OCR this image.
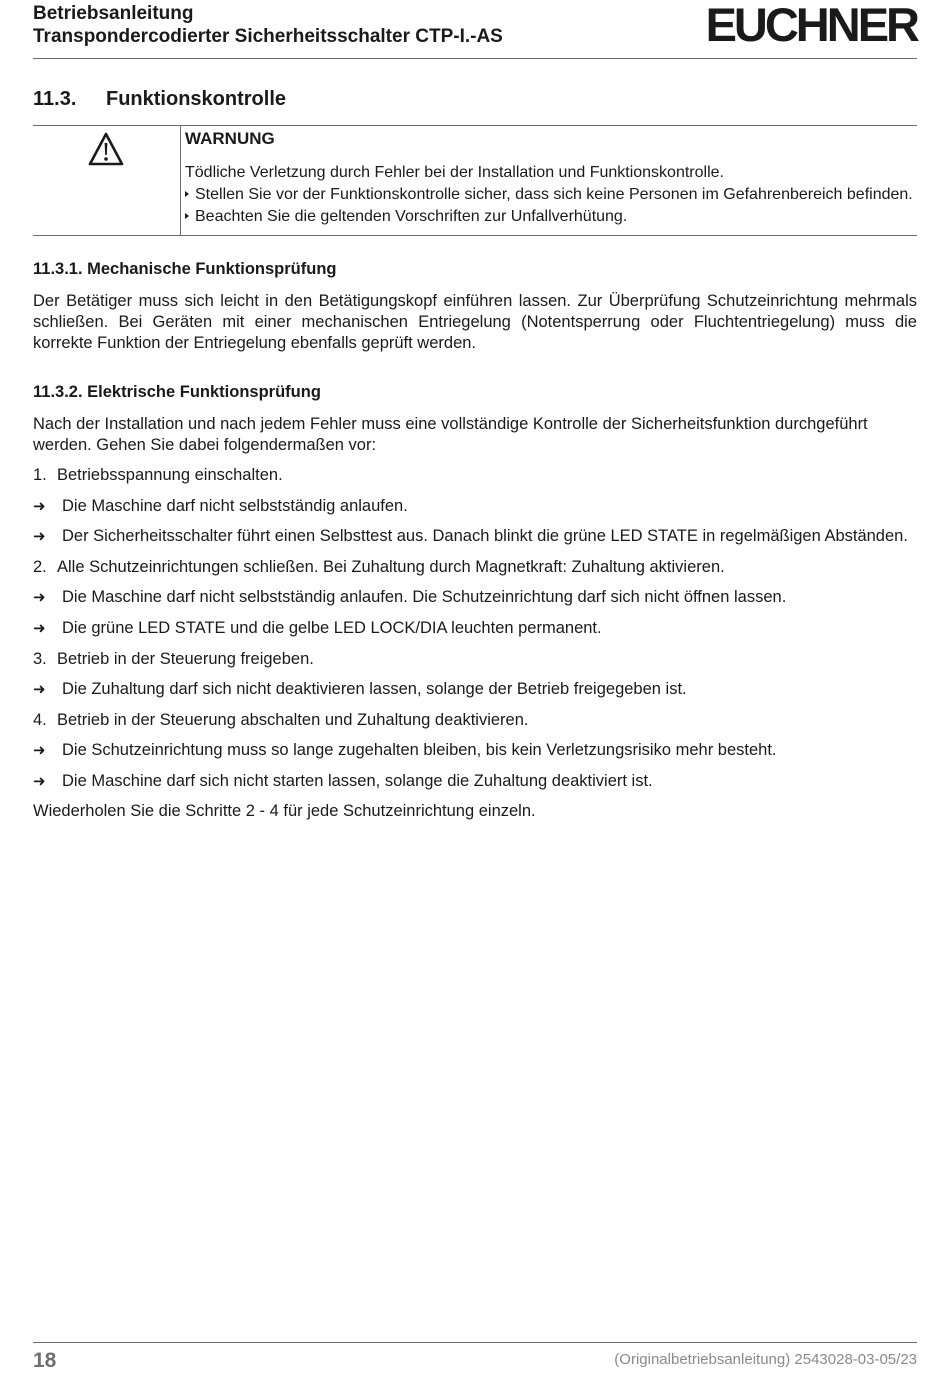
Betriebsanleitung
Transpondercodierter Sicherheitsschalter CTP-I.-AS	EUCHNER
11.3. Funktionskontrolle
WARNUNG
Tödliche Verletzung durch Fehler bei der Installation und Funktionskontrolle.
Stellen Sie vor der Funktionskontrolle sicher, dass sich keine Personen im Gefahrenbereich befinden.
Beachten Sie die geltenden Vorschriften zur Unfallverhütung.
11.3.1. Mechanische Funktionsprüfung
Der Betätiger muss sich leicht in den Betätigungskopf einführen lassen. Zur Überprüfung Schutzeinrichtung mehrmals schließen. Bei Geräten mit einer mechanischen Entriegelung (Notentsperrung oder Fluchtentriegelung) muss die korrekte Funktion der Entriegelung ebenfalls geprüft werden.
11.3.2. Elektrische Funktionsprüfung
Nach der Installation und nach jedem Fehler muss eine vollständige Kontrolle der Sicherheitsfunktion durchgeführt werden. Gehen Sie dabei folgendermaßen vor:
1. Betriebsspannung einschalten.
➜ Die Maschine darf nicht selbstständig anlaufen.
➜ Der Sicherheitsschalter führt einen Selbsttest aus. Danach blinkt die grüne LED STATE in regelmäßigen Abständen.
2. Alle Schutzeinrichtungen schließen. Bei Zuhaltung durch Magnetkraft: Zuhaltung aktivieren.
➜ Die Maschine darf nicht selbstständig anlaufen. Die Schutzeinrichtung darf sich nicht öffnen lassen.
➜ Die grüne LED STATE und die gelbe LED LOCK/DIA leuchten permanent.
3. Betrieb in der Steuerung freigeben.
➜ Die Zuhaltung darf sich nicht deaktivieren lassen, solange der Betrieb freigegeben ist.
4. Betrieb in der Steuerung abschalten und Zuhaltung deaktivieren.
➜ Die Schutzeinrichtung muss so lange zugehalten bleiben, bis kein Verletzungsrisiko mehr besteht.
➜ Die Maschine darf sich nicht starten lassen, solange die Zuhaltung deaktiviert ist.
Wiederholen Sie die Schritte 2 - 4 für jede Schutzeinrichtung einzeln.
18	(Originalbetriebsanleitung) 2543028-03-05/23
